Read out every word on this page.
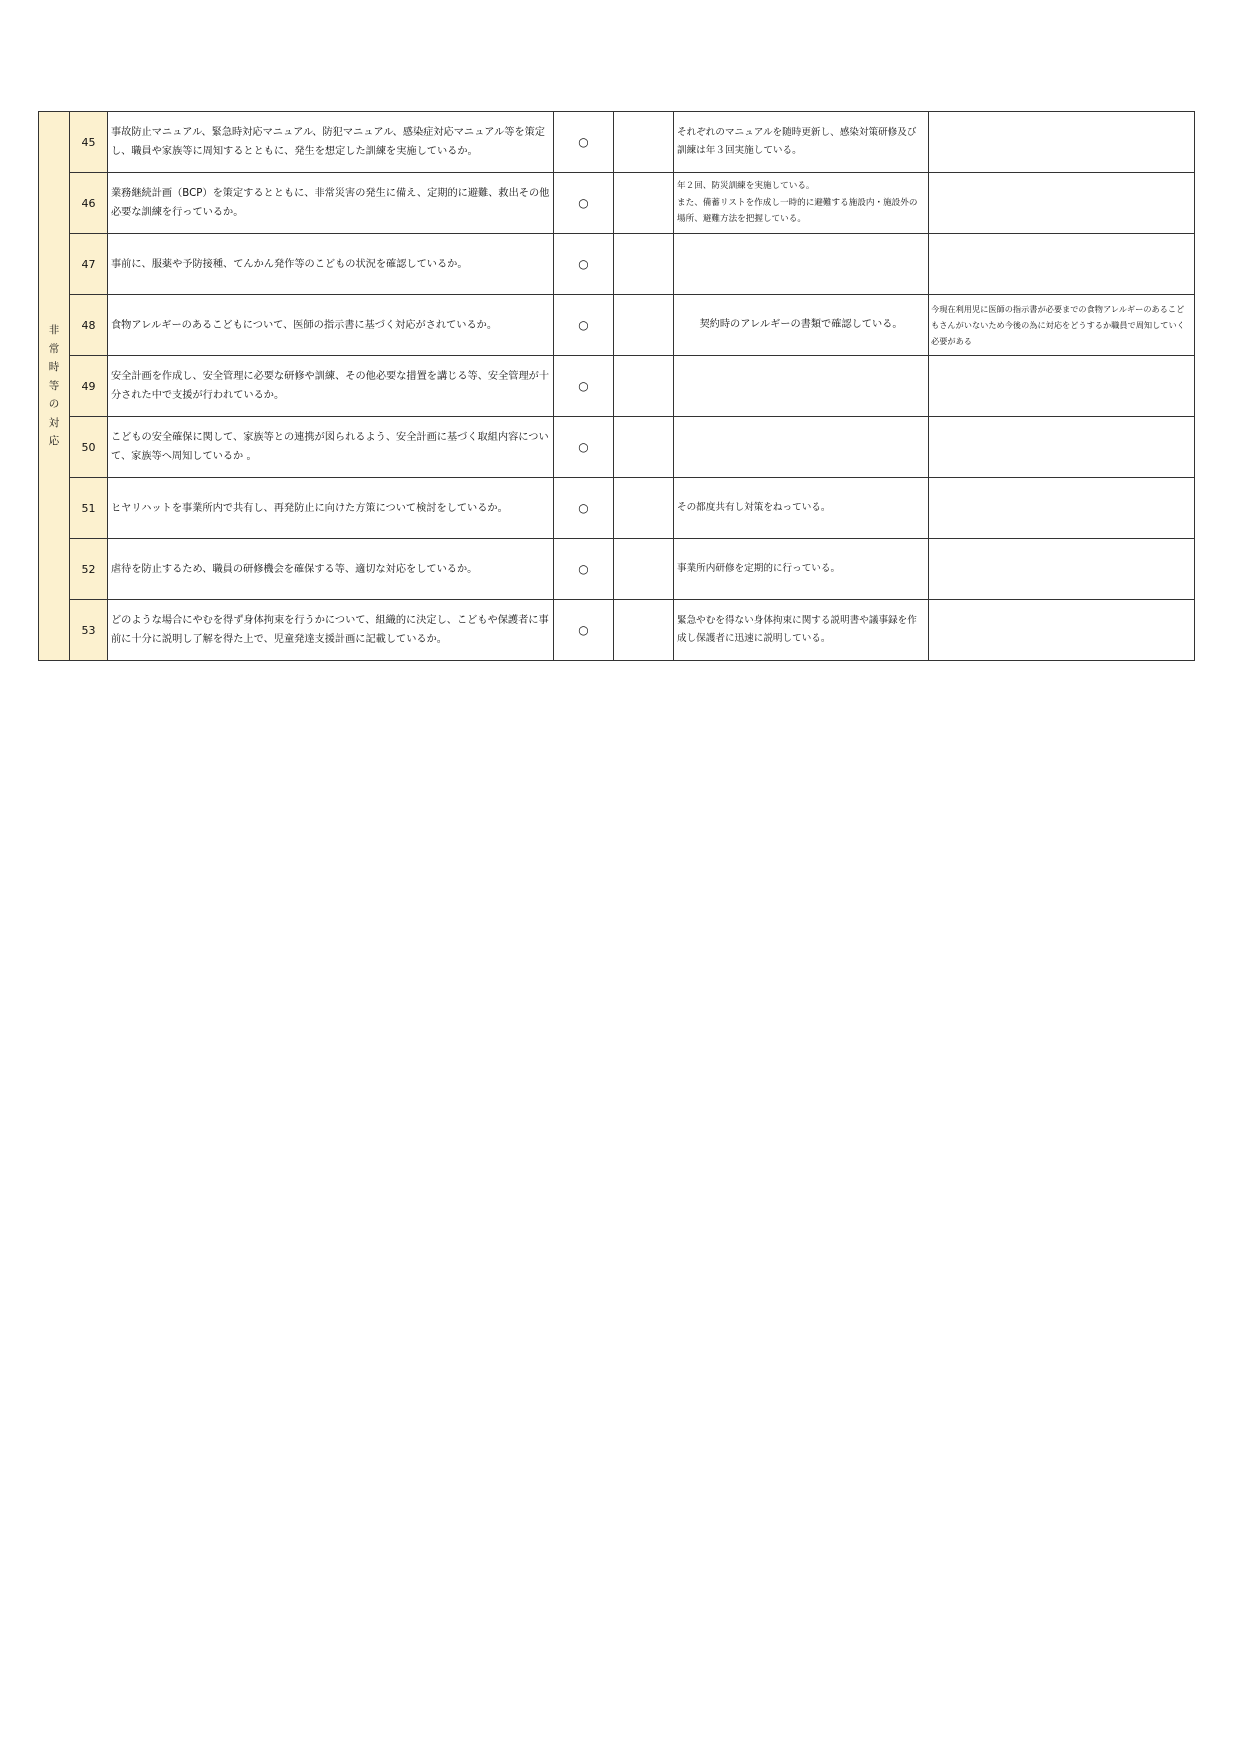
非常時等の対応	45	事故防止マニュアル、緊急時対応マニュアル、防犯マニュアル、感染症対応マニュアル等を策定し、職員や家族等に周知するとともに、発生を想定した訓練を実施しているか。	○		それぞれのマニュアルを随時更新し、感染対策研修及び訓練は年３回実施している。	
	46	業務継続計画（BCP）を策定するとともに、非常災害の発生に備え、定期的に避難、救出その他必要な訓練を行っているか。	○		年２回、防災訓練を実施している。
また、備蓄リストを作成し一時的に避難する施設内・施設外の場所、避難方法を把握している。	
	47	事前に、服薬や予防接種、てんかん発作等のこどもの状況を確認しているか。	○			
	48	食物アレルギーのあるこどもについて、医師の指示書に基づく対応がされているか。	○		契約時のアレルギーの書類で確認している。	今現在利用児に医師の指示書が必要までの食物アレルギーのあるこどもさんがいないため今後の為に対応をどうするか職員で周知していく必要がある
	49	安全計画を作成し、安全管理に必要な研修や訓練、その他必要な措置を講じる等、安全管理が十分された中で支援が行われているか。	○			
	50	こどもの安全確保に関して、家族等との連携が図られるよう、安全計画に基づく取組内容について、家族等へ周知しているか 。	○			
	51	ヒヤリハットを事業所内で共有し、再発防止に向けた方策について検討をしているか。	○		その都度共有し対策をねっている。	
	52	虐待を防止するため、職員の研修機会を確保する等、適切な対応をしているか。	○		事業所内研修を定期的に行っている。	
	53	どのような場合にやむを得ず身体拘束を行うかについて、組織的に決定し、こどもや保護者に事前に十分に説明し了解を得た上で、児童発達支援計画に記載しているか。	○		緊急やむを得ない身体拘束に関する説明書や議事録を作成し保護者に迅速に説明している。	
